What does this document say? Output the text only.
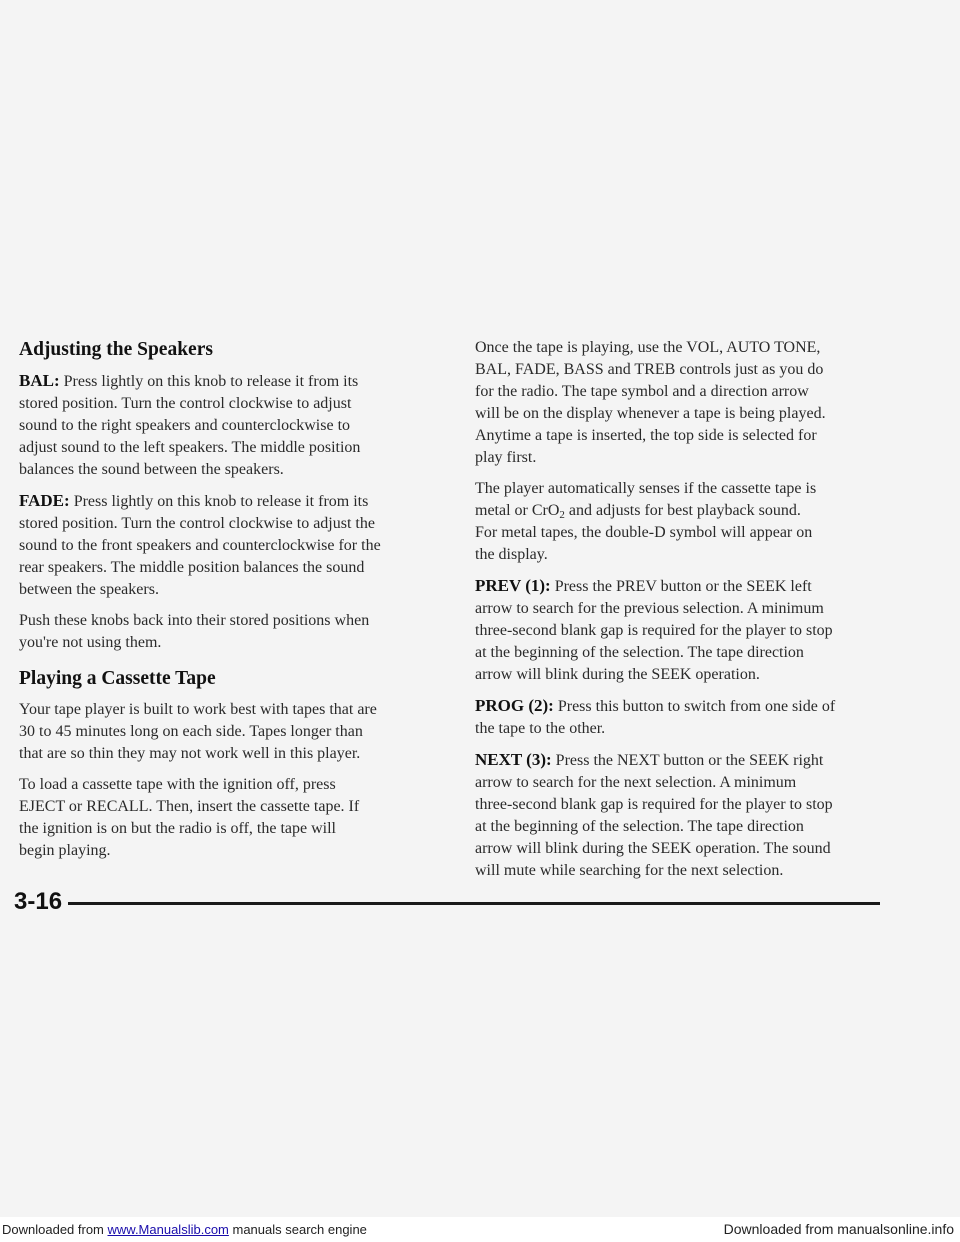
Adjusting the Speakers

BAL: Press lightly on this knob to release it from its
stored position. Turn the control clockwise to adjust
sound to the right speakers and counterclockwise to
adjust sound to the left speakers. The middle position
balances the sound between the speakers.

FADE: Press lightly on this knob to release it from its
stored position. Turn the control clockwise to adjust the
sound to the front speakers and counterclockwise for the
rear speakers. The middle position balances the sound
between the speakers.

Push these knobs back into their stored positions when
you're not using them.

Playing a Cassette Tape

Your tape player is built to work best with tapes that are
30 to 45 minutes long on each side. Tapes longer than
that are so thin they may not work well in this player.

To load a cassette tape with the ignition off, press
EJECT or RECALL. Then, insert the cassette tape. If
the ignition is on but the radio is off, the tape will
begin playing.

Once the tape is playing, use the VOL, AUTO TONE,
BAL, FADE, BASS and TREB controls just as you do
for the radio. The tape symbol and a direction arrow
will be on the display whenever a tape is being played.
Anytime a tape is inserted, the top side is selected for
play first.

The player automatically senses if the cassette tape is
metal or CrO$_2$ and adjusts for best playback sound.
For metal tapes, the double-D symbol will appear on
the display.

PREV (1): Press the PREV button or the SEEK left
arrow to search for the previous selection. A minimum
three-second blank gap is required for the player to stop
at the beginning of the selection. The tape direction
arrow will blink during the SEEK operation.

PROG (2): Press this button to switch from one side of
the tape to the other.

NEXT (3): Press the NEXT button or the SEEK right
arrow to search for the next selection. A minimum
three-second blank gap is required for the player to stop
at the beginning of the selection. The tape direction
arrow will blink during the SEEK operation. The sound
will mute while searching for the next selection.

3-16
Downloaded from www.Manualslib.com manuals search engine	Downloaded from manualsonline.info
